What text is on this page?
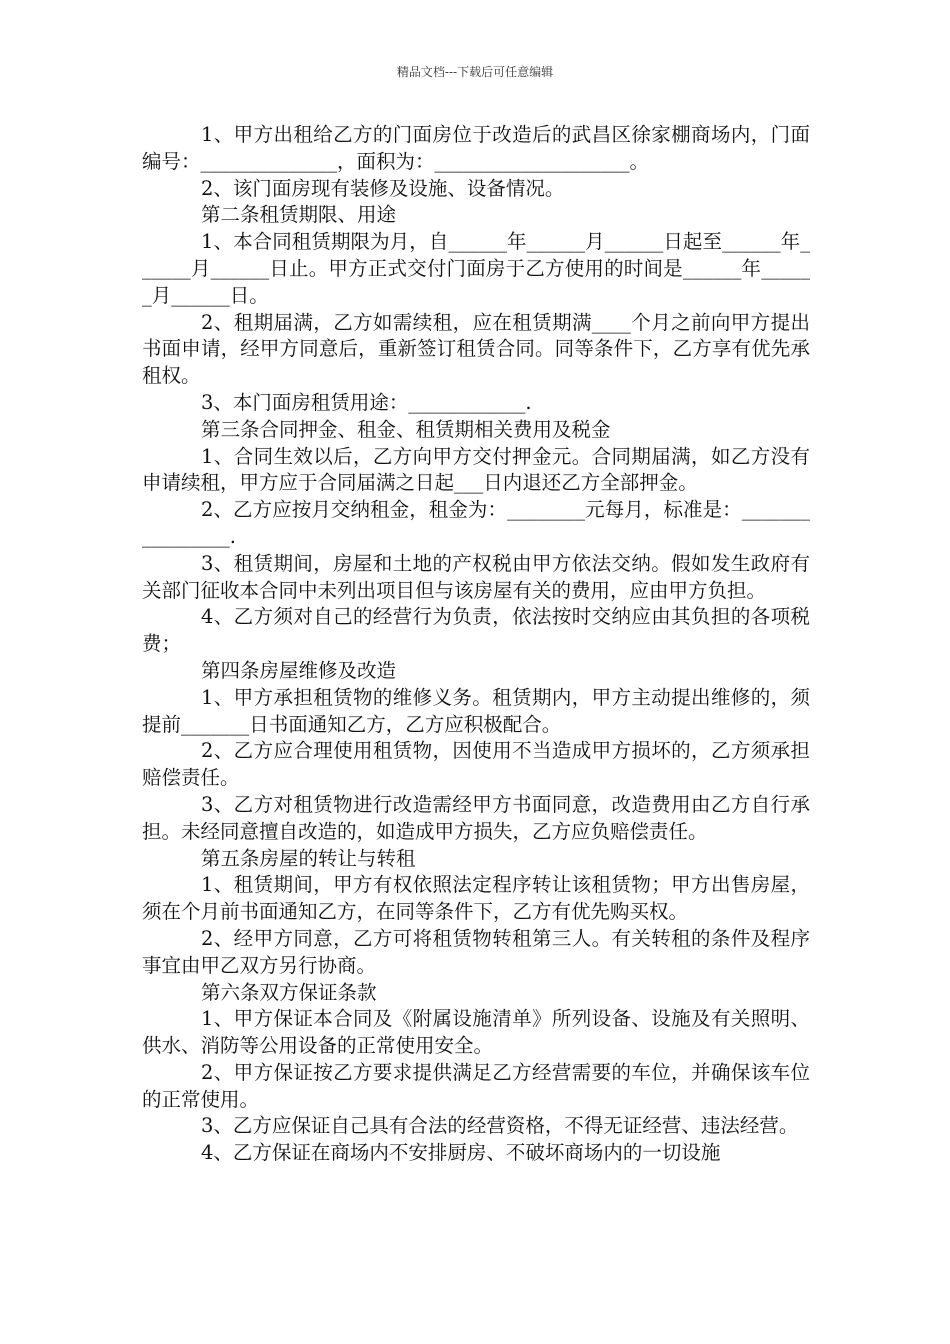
精品文档---下载后可任意编辑

1、甲方出租给乙方的门面房位于改造后的武昌区徐家棚商场内，门面编号：______________，面积为：____________________。

2、该门面房现有装修及设施、设备情况。

第二条租赁期限、用途

1、本合同租赁期限为月，自______年______月______日起至______年______月______日止。甲方正式交付门面房于乙方使用的时间是______年______月______日。

2、租期届满，乙方如需续租，应在租赁期满____个月之前向甲方提出书面申请，经甲方同意后，重新签订租赁合同。同等条件下，乙方享有优先承租权。

3、本门面房租赁用途：____________.

第三条合同押金、租金、租赁期相关费用及税金

1、合同生效以后，乙方向甲方交付押金元。合同期届满，如乙方没有申请续租，甲方应于合同届满之日起___日内退还乙方全部押金。

2、乙方应按月交纳租金，租金为：________元每月，标准是：________________.

3、租赁期间，房屋和土地的产权税由甲方依法交纳。假如发生政府有关部门征收本合同中未列出项目但与该房屋有关的费用，应由甲方负担。

4、乙方须对自己的经营行为负责，依法按时交纳应由其负担的各项税费；

第四条房屋维修及改造

1、甲方承担租赁物的维修义务。租赁期内，甲方主动提出维修的，须提前_______日书面通知乙方，乙方应积极配合。

2、乙方应合理使用租赁物，因使用不当造成甲方损坏的，乙方须承担赔偿责任。

3、乙方对租赁物进行改造需经甲方书面同意，改造费用由乙方自行承担。未经同意擅自改造的，如造成甲方损失，乙方应负赔偿责任。

第五条房屋的转让与转租

1、租赁期间，甲方有权依照法定程序转让该租赁物；甲方出售房屋，须在个月前书面通知乙方，在同等条件下，乙方有优先购买权。

2、经甲方同意，乙方可将租赁物转租第三人。有关转租的条件及程序事宜由甲乙双方另行协商。

第六条双方保证条款

1、甲方保证本合同及《附属设施清单》所列设备、设施及有关照明、供水、消防等公用设备的正常使用安全。

2、甲方保证按乙方要求提供满足乙方经营需要的车位，并确保该车位的正常使用。

3、乙方应保证自己具有合法的经营资格，不得无证经营、违法经营。

4、乙方保证在商场内不安排厨房、不破坏商场内的一切设施
